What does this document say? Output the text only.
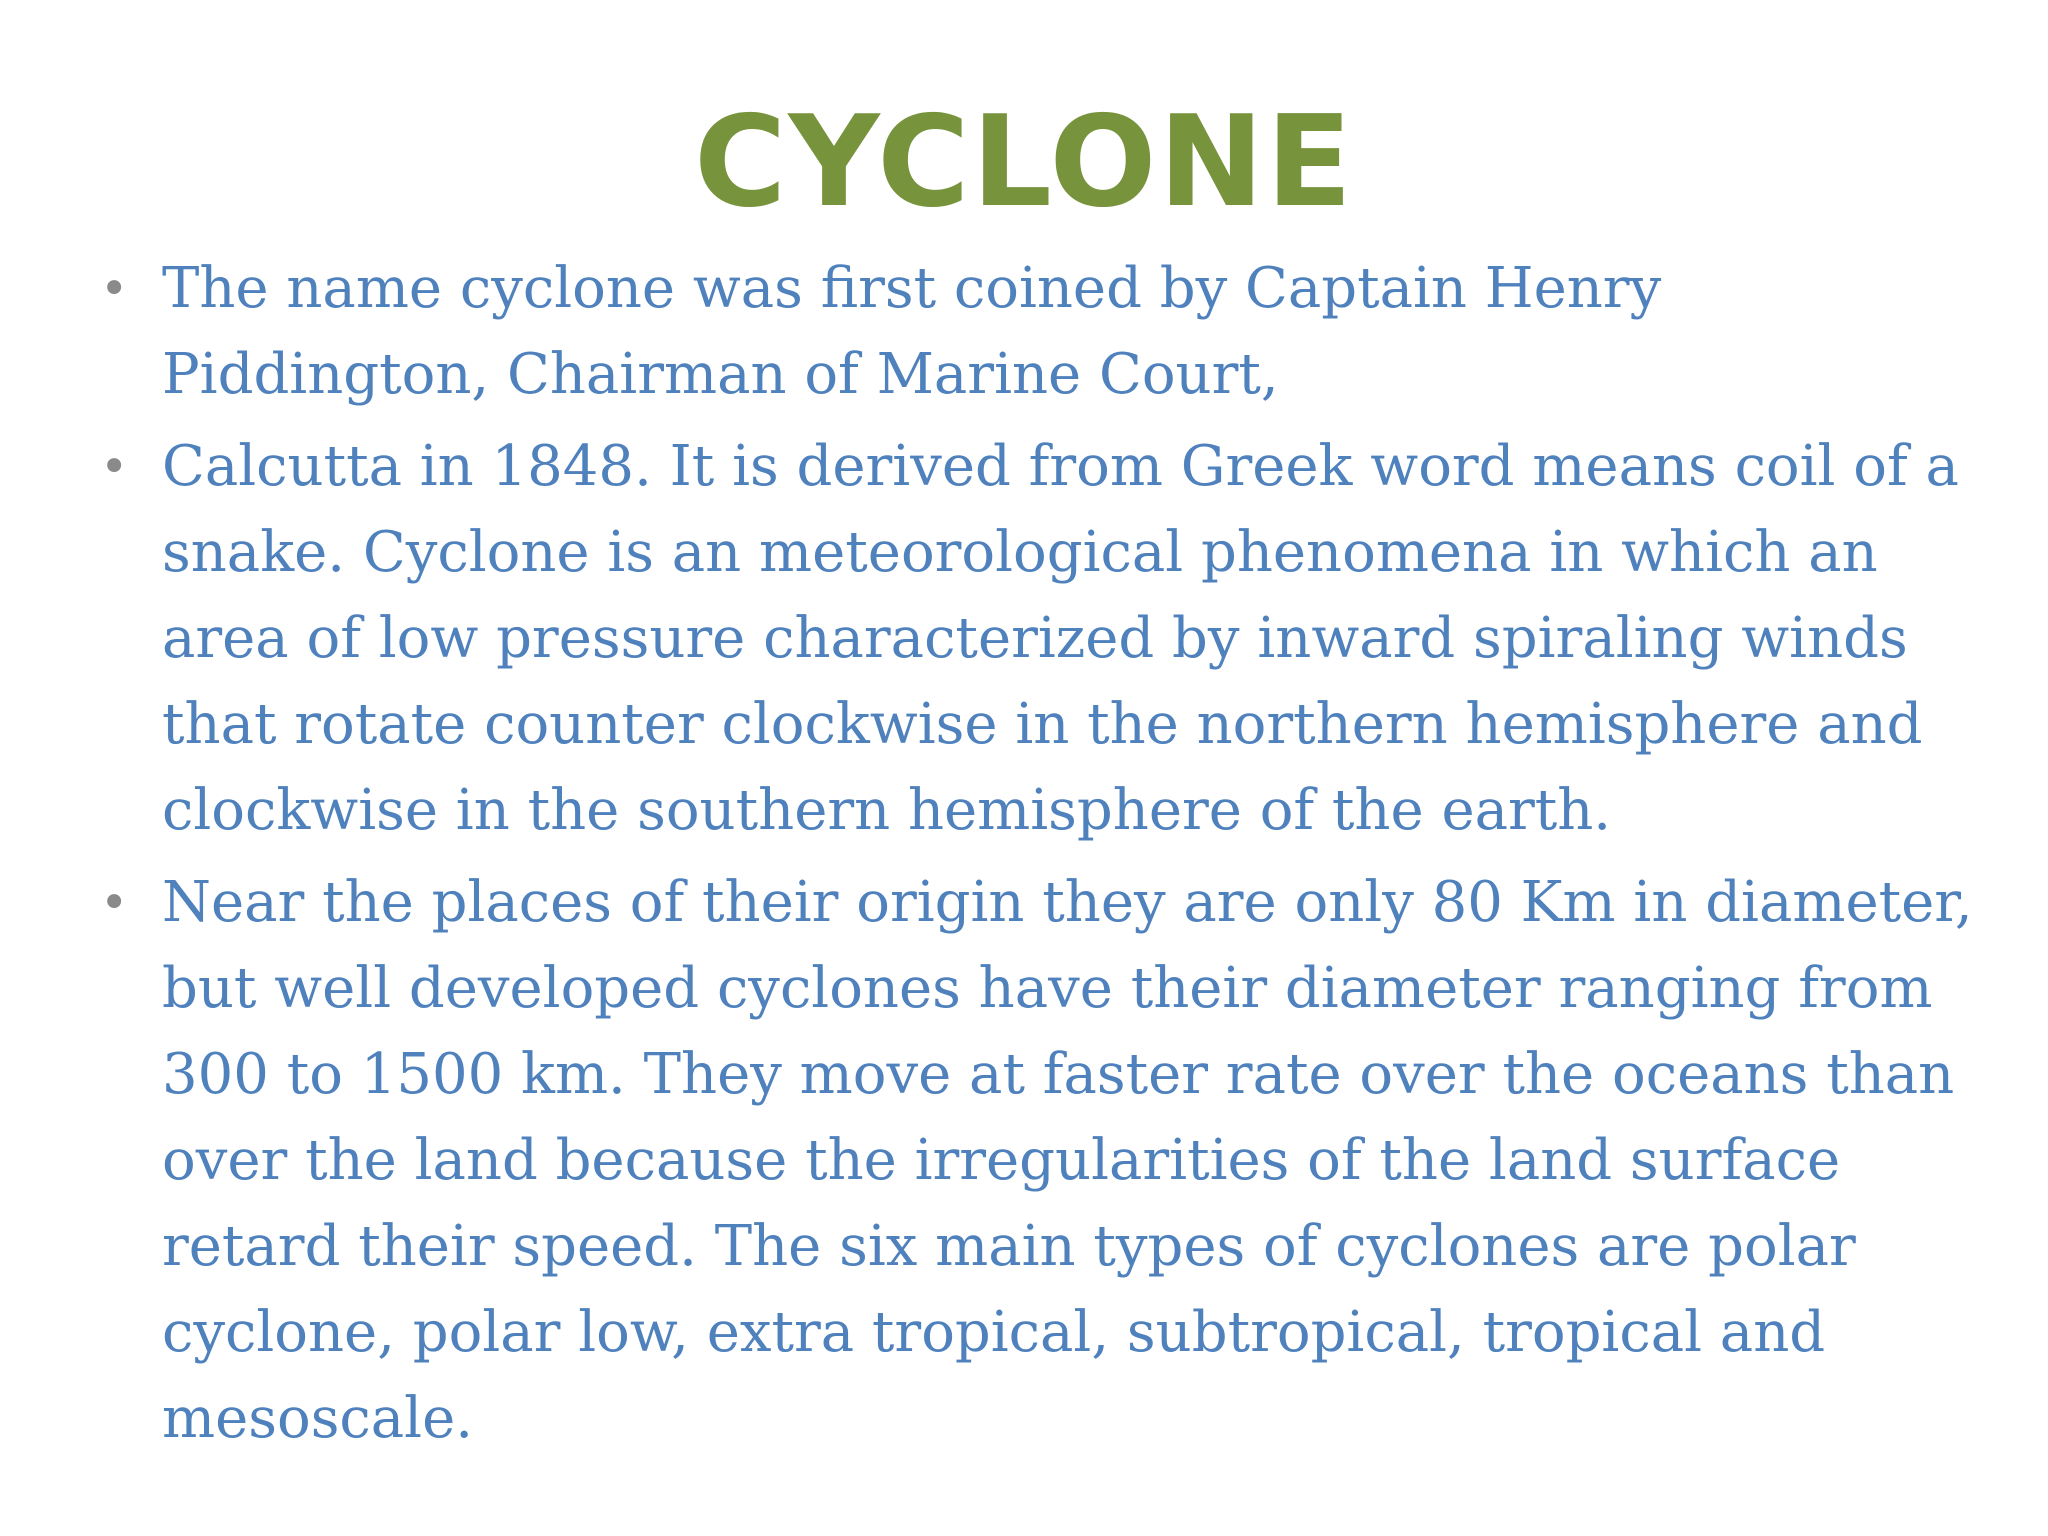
CYCLONE
• The name cyclone was first coined by Captain Henry Piddington, Chairman of Marine Court,
• Calcutta in 1848. It is derived from Greek word means coil of a snake. Cyclone is an meteorological phenomena in which an area of low pressure characterized by inward spiraling winds that rotate counter clockwise in the northern hemisphere and clockwise in the southern hemisphere of the earth.
• Near the places of their origin they are only 80 Km in diameter, but well developed cyclones have their diameter ranging from 300 to 1500 km. They move at faster rate over the oceans than over the land because the irregularities of the land surface retard their speed. The six main types of cyclones are polar cyclone, polar low, extra tropical, subtropical, tropical and mesoscale.
